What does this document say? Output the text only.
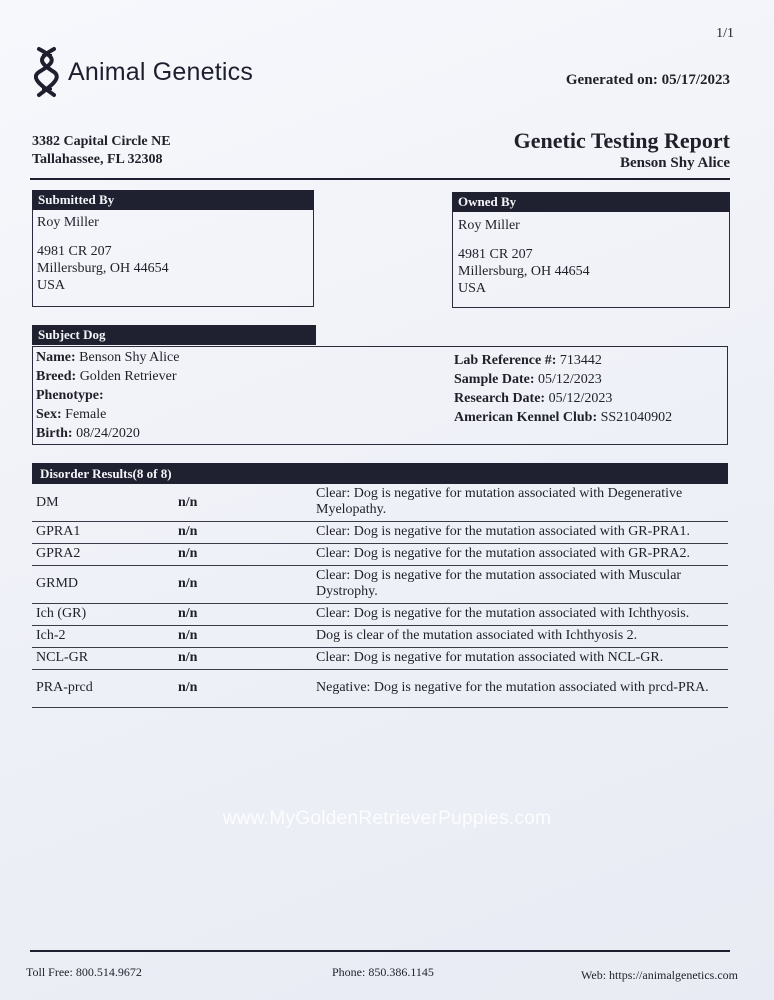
1/1
Animal Genetics	Generated on: 05/17/2023
3382 Capital Circle NE
Tallahassee, FL 32308
Genetic Testing Report
Benson Shy Alice
Submitted By
Roy Miller
4981 CR 207
Millersburg, OH 44654
USA
Owned By
Roy Miller
4981 CR 207
Millersburg, OH 44654
USA
Subject Dog
Name: Benson Shy Alice
Breed: Golden Retriever
Phenotype:
Sex: Female
Birth: 08/24/2020
Lab Reference #: 713442
Sample Date: 05/12/2023
Research Date: 05/12/2023
American Kennel Club: SS21040902
Disorder Results(8 of 8)
DM	n/n	Clear: Dog is negative for mutation associated with Degenerative Myelopathy.
GPRA1	n/n	Clear: Dog is negative for the mutation associated with GR-PRA1.
GPRA2	n/n	Clear: Dog is negative for the mutation associated with GR-PRA2.
GRMD	n/n	Clear: Dog is negative for the mutation associated with Muscular Dystrophy.
Ich (GR)	n/n	Clear: Dog is negative for the mutation associated with Ichthyosis.
Ich-2	n/n	Dog is clear of the mutation associated with Ichthyosis 2.
NCL-GR	n/n	Clear: Dog is negative for mutation associated with NCL-GR.
PRA-prcd	n/n	Negative: Dog is negative for the mutation associated with prcd-PRA.
www.MyGoldenRetrieverPuppies.com
Toll Free: 800.514.9672	Phone: 850.386.1145	Web: https://animalgenetics.com
